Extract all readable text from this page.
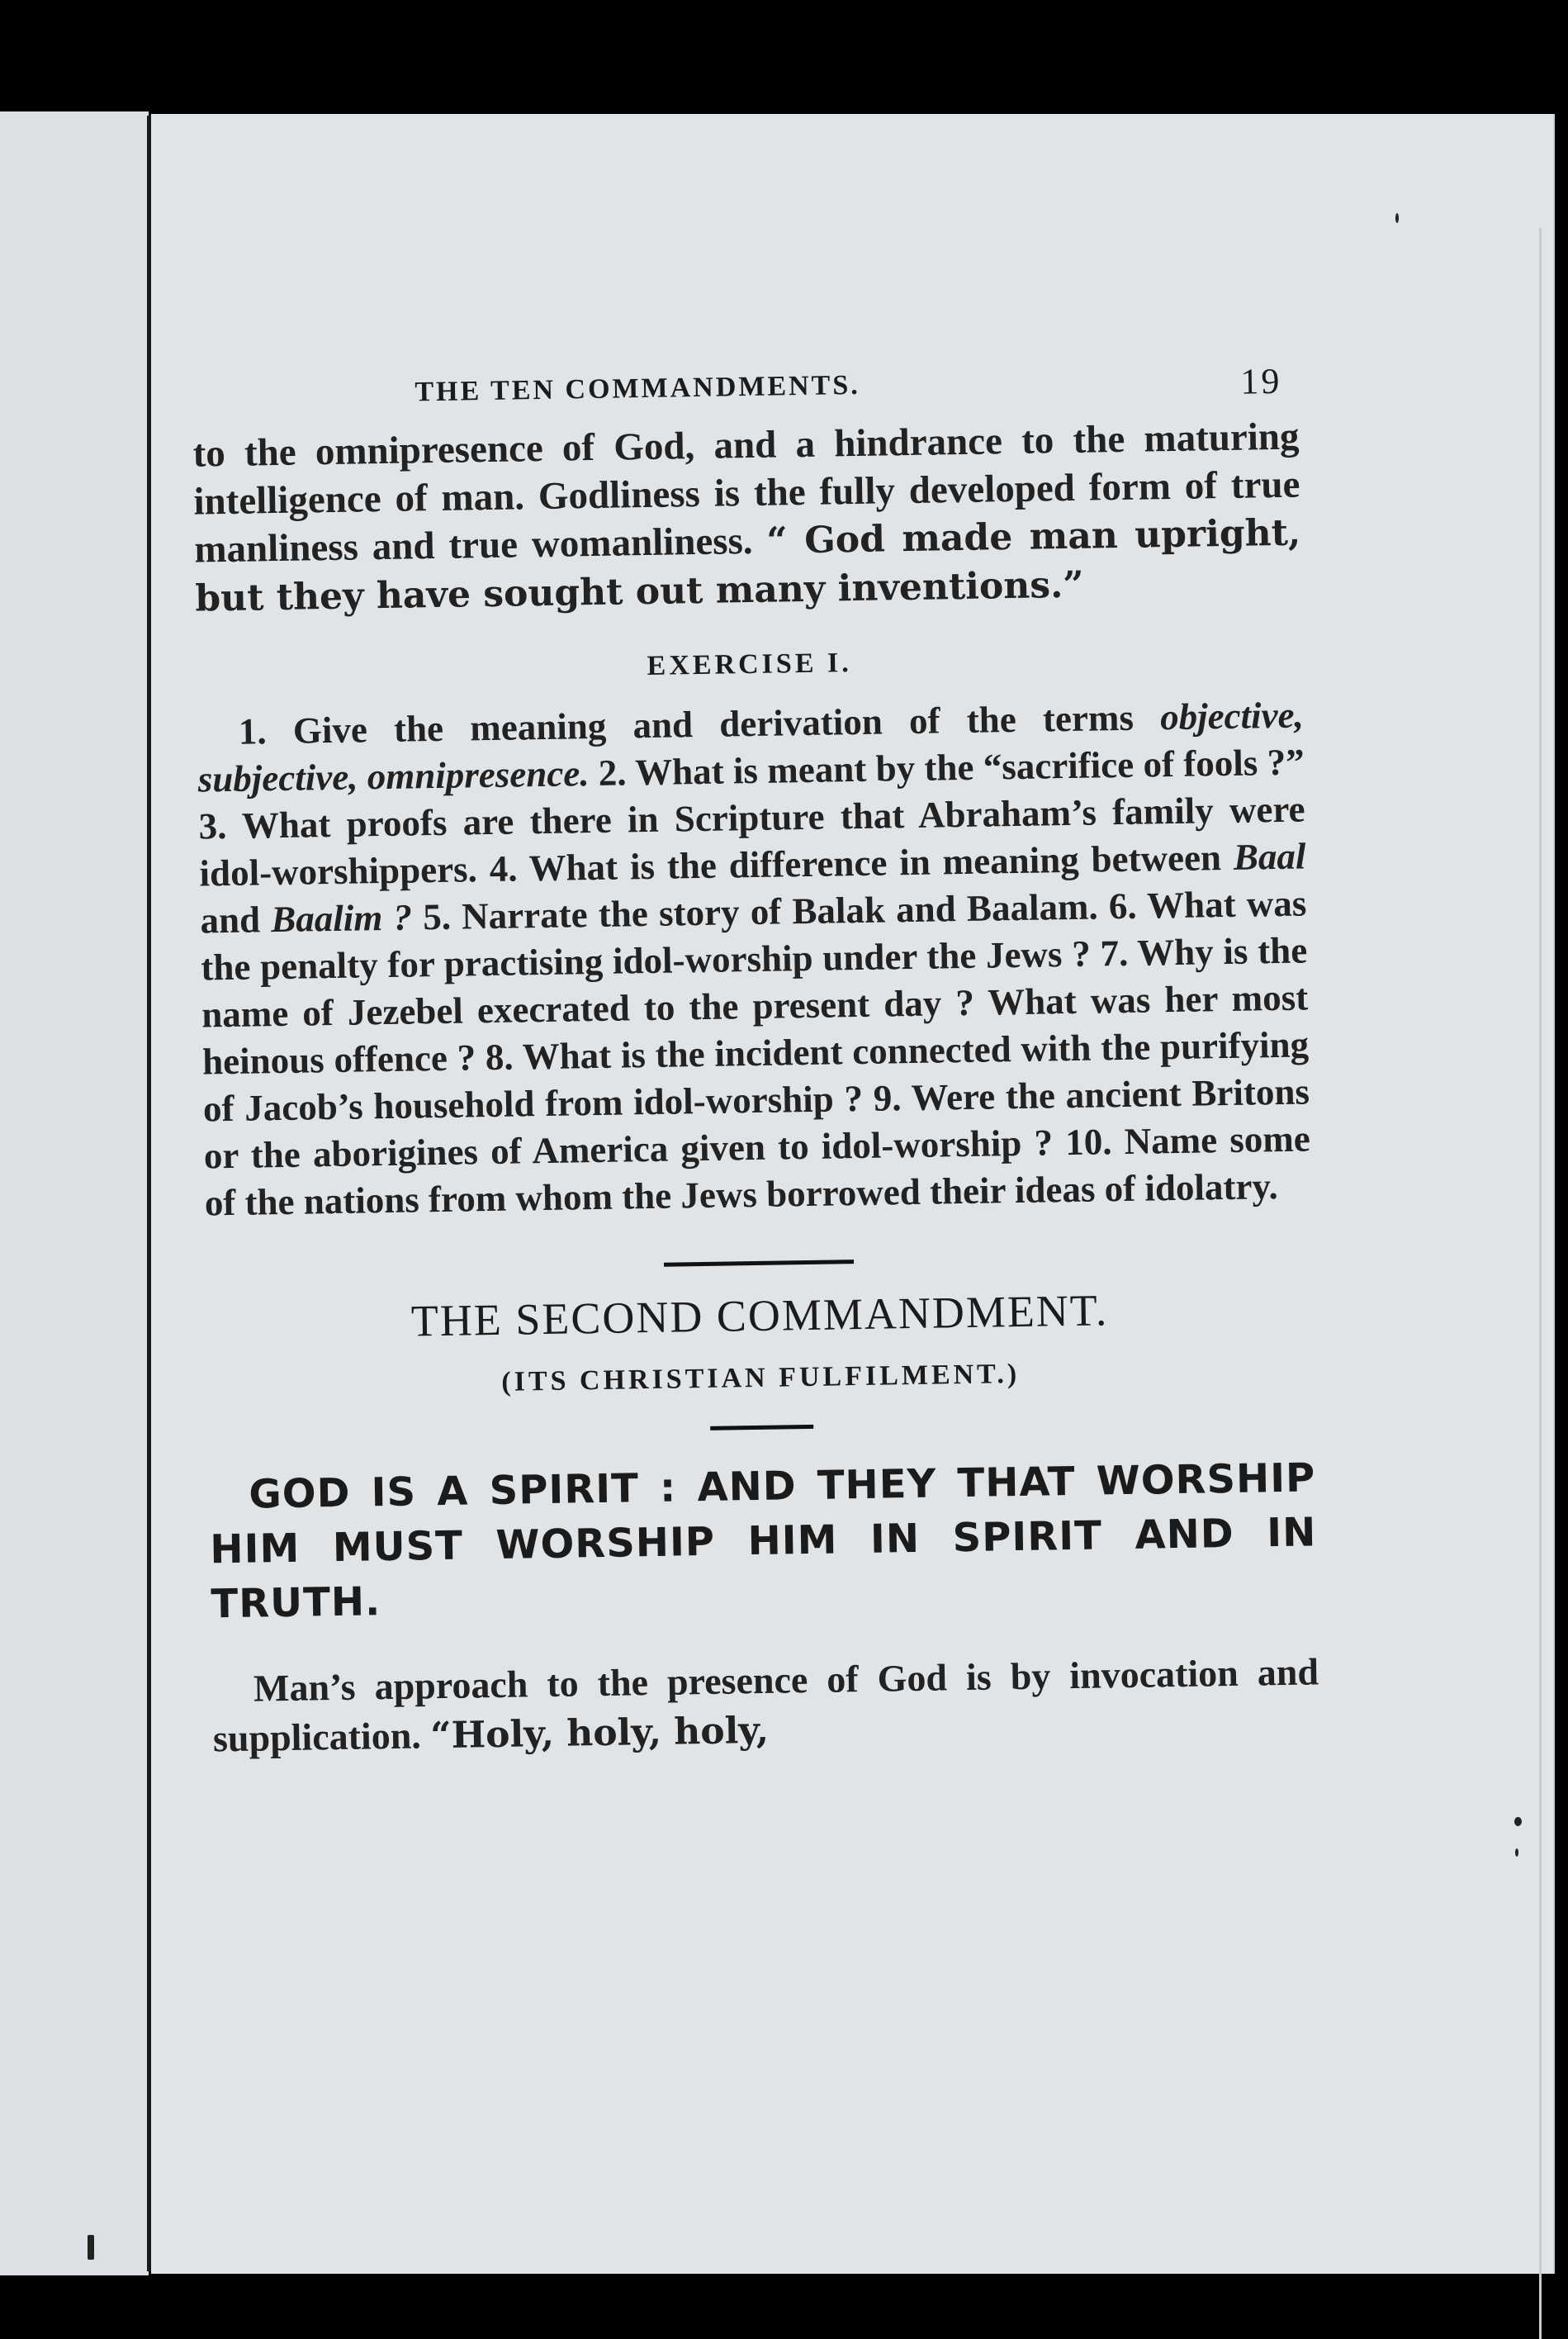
THE TEN COMMANDMENTS.	19

to the omnipresence of God, and a hindrance to the maturing intelligence of man. Godliness is the fully developed form of true manliness and true womanliness. “ God made man upright, but they have sought out many inventions.”

EXERCISE I.

1. Give the meaning and derivation of the terms objective, subjective, omnipresence. 2. What is meant by the “sacrifice of fools ?” 3. What proofs are there in Scripture that Abraham’s family were idol-worshippers. 4. What is the difference in meaning between Baal and Baalim ? 5. Narrate the story of Balak and Baalam. 6. What was the penalty for practising idol-worship under the Jews ? 7. Why is the name of Jezebel execrated to the present day ? What was her most heinous offence ? 8. What is the incident connected with the purifying of Jacob’s household from idol-worship ? 9. Were the ancient Britons or the aborigines of America given to idol-worship ? 10. Name some of the nations from whom the Jews borrowed their ideas of idolatry.

THE SECOND COMMANDMENT.
(ITS CHRISTIAN FULFILMENT.)

GOD IS A SPIRIT : AND THEY THAT WORSHIP HIM MUST WORSHIP HIM IN SPIRIT AND IN TRUTH.

Man’s approach to the presence of God is by invocation and supplication. “Holy, holy, holy,
